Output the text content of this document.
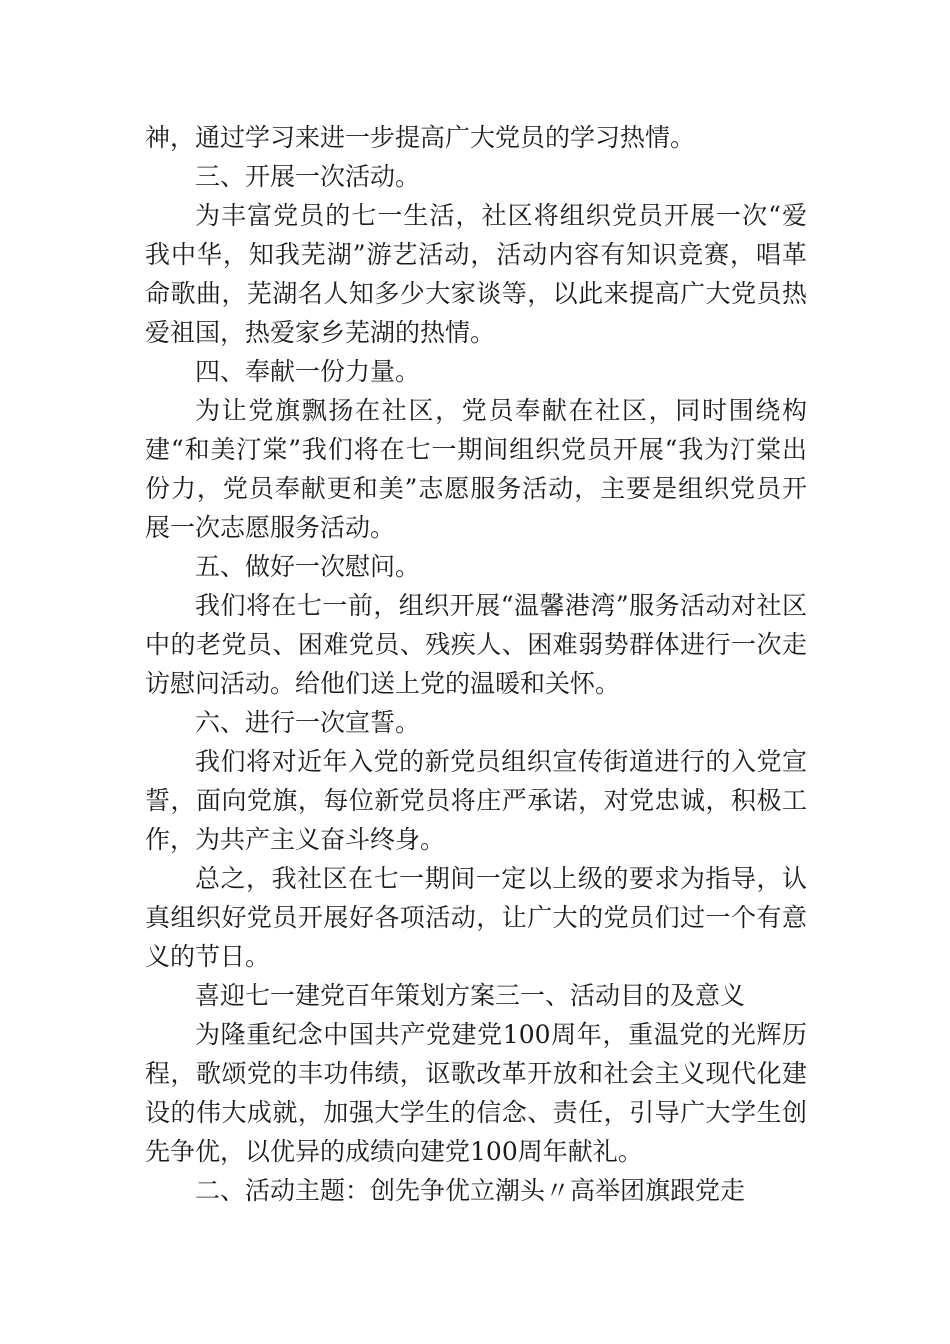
神，通过学习来进一步提高广大党员的学习热情。

三、开展一次活动。

为丰富党员的七一生活，社区将组织党员开展一次“爱我中华，知我芜湖”游艺活动，活动内容有知识竞赛，唱革命歌曲，芜湖名人知多少大家谈等，以此来提高广大党员热爱祖国，热爱家乡芜湖的热情。

四、奉献一份力量。

为让党旗飘扬在社区，党员奉献在社区，同时围绕构建“和美汀棠”我们将在七一期间组织党员开展“我为汀棠出份力，党员奉献更和美”志愿服务活动，主要是组织党员开展一次志愿服务活动。

五、做好一次慰问。

我们将在七一前，组织开展“温馨港湾”服务活动对社区中的老党员、困难党员、残疾人、困难弱势群体进行一次走访慰问活动。给他们送上党的温暖和关怀。

六、进行一次宣誓。

我们将对近年入党的新党员组织宣传街道进行的入党宣誓，面向党旗，每位新党员将庄严承诺，对党忠诚，积极工作，为共产主义奋斗终身。

总之，我社区在七一期间一定以上级的要求为指导，认真组织好党员开展好各项活动，让广大的党员们过一个有意义的节日。

喜迎七一建党百年策划方案三一、活动目的及意义

为隆重纪念中国共产党建党100周年，重温党的光辉历程，歌颂党的丰功伟绩，讴歌改革开放和社会主义现代化建设的伟大成就，加强大学生的信念、责任，引导广大学生创先争优，以优异的成绩向建党100周年献礼。

二、活动主题：创先争优立潮头〃高举团旗跟党走
